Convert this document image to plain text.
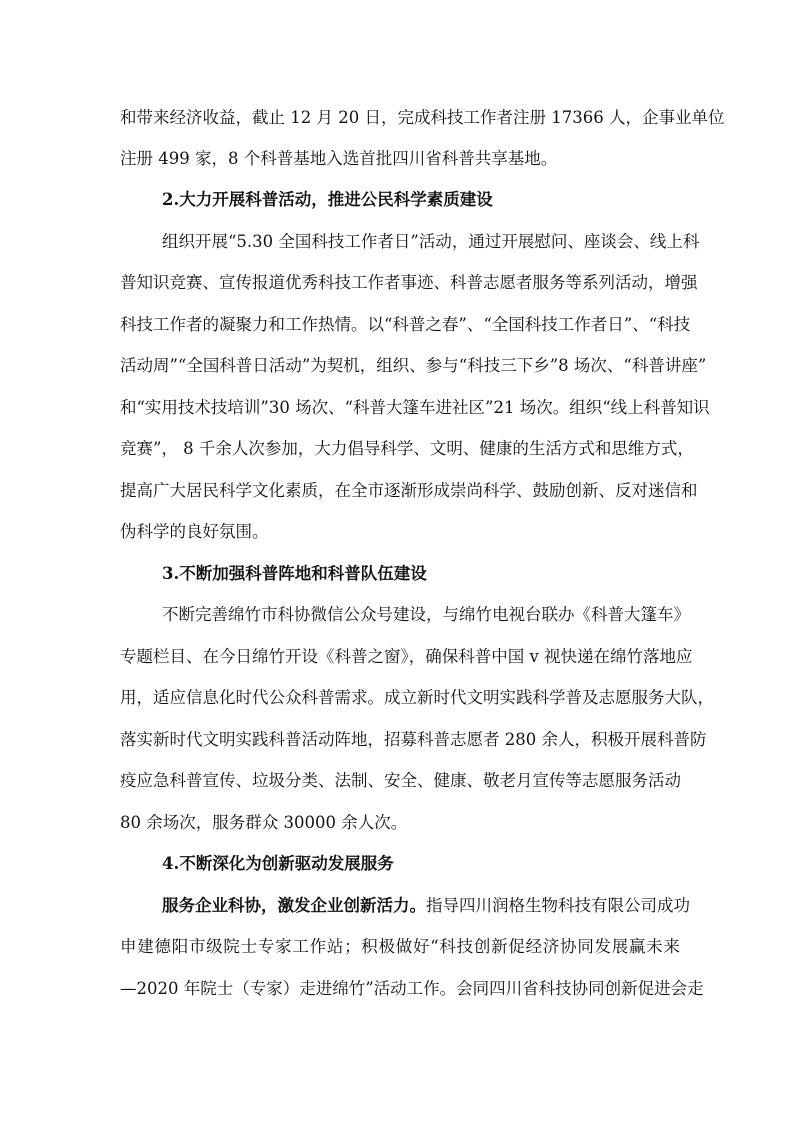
和带来经济收益，截止 12 月 20 日，完成科技工作者注册 17366 人，企事业单位
注册 499 家，8 个科普基地入选首批四川省科普共享基地。
2.大力开展科普活动，推进公民科学素质建设
组织开展“5.30 全国科技工作者日”活动，通过开展慰问、座谈会、线上科
普知识竞赛、宣传报道优秀科技工作者事迹、科普志愿者服务等系列活动，增强
科技工作者的凝聚力和工作热情。以“科普之春”、“全国科技工作者日”、“科技
活动周”“全国科普日活动”为契机，组织、参与“科技三下乡”8 场次、“科普讲座”
和“实用技术技培训”30 场次、“科普大篷车进社区”21 场次。组织“线上科普知识
竞赛”， 8 千余人次参加，大力倡导科学、文明、健康的生活方式和思维方式，
提高广大居民科学文化素质，在全市逐渐形成崇尚科学、鼓励创新、反对迷信和
伪科学的良好氛围。
3.不断加强科普阵地和科普队伍建设
不断完善绵竹市科协微信公众号建设，与绵竹电视台联办《科普大篷车》
专题栏目、在今日绵竹开设《科普之窗》，确保科普中国 v 视快递在绵竹落地应
用，适应信息化时代公众科普需求。成立新时代文明实践科学普及志愿服务大队，
落实新时代文明实践科普活动阵地，招募科普志愿者 280 余人，积极开展科普防
疫应急科普宣传、垃圾分类、法制、安全、健康、敬老月宣传等志愿服务活动
80 余场次，服务群众 30000 余人次。
4.不断深化为创新驱动发展服务
服务企业科协，激发企业创新活力。指导四川润格生物科技有限公司成功
申建德阳市级院士专家工作站；积极做好“科技创新促经济协同发展赢未来
—2020 年院士（专家）走进绵竹”活动工作。会同四川省科技协同创新促进会走
